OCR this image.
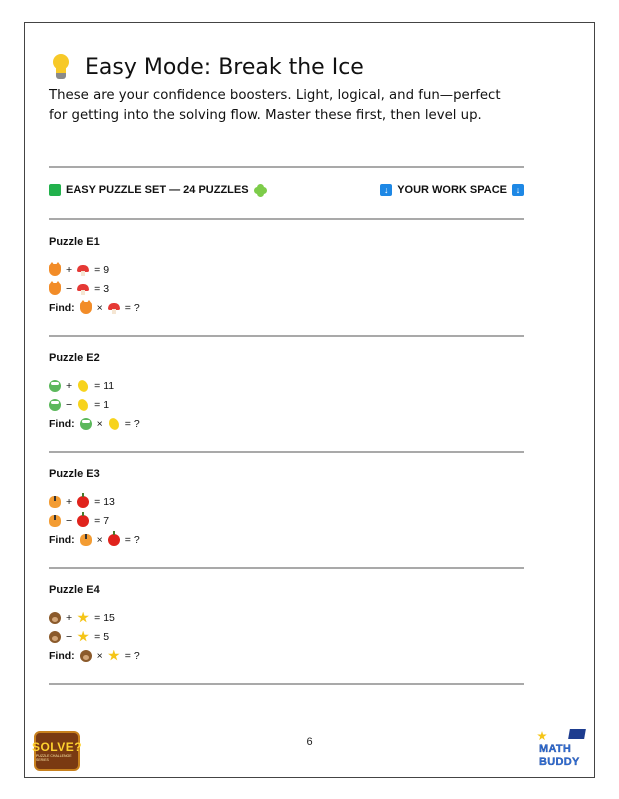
Easy Mode: Break the Ice
These are your confidence boosters. Light, logical, and fun—perfect for getting into the solving flow. Master these first, then level up.
EASY PUZZLE SET — 24 PUZZLES	↓ YOUR WORK SPACE ↓
Puzzle E1
+ = 9
− = 3
Find: × = ?
Puzzle E2
+ = 11
− = 1
Find: × = ?
Puzzle E3
+ = 13
− = 7
Find: × = ?
Puzzle E4
+ = 15
− = 5
Find: × = ?
6
SOLVE?
PUZZLE CHALLENGE SERIES
MATH
BUDDY
